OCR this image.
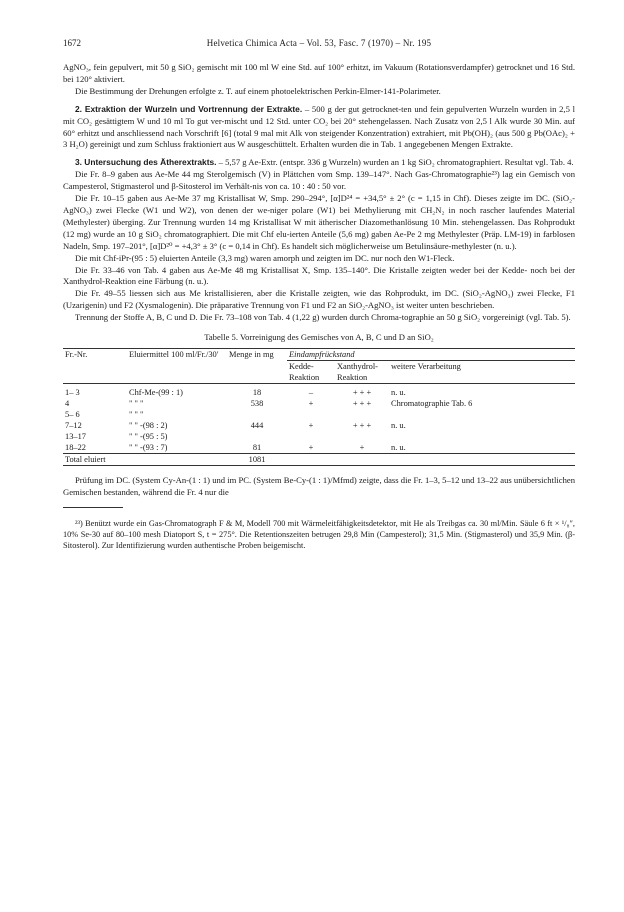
1672	Helvetica Chimica Acta – Vol. 53, Fasc. 7 (1970) – Nr. 195

AgNO₃, fein gepulvert, mit 50 g SiO₂ gemischt mit 100 ml W eine Std. auf 100° erhitzt, im Vakuum (Rotationsverdampfer) getrocknet und 16 Std. bei 120° aktiviert.

Die Bestimmung der Drehungen erfolgte z. T. auf einem photoelektrischen Perkin-Elmer-141-Polarimeter.

2. Extraktion der Wurzeln und Vortrennung der Extrakte. – 500 g der gut getrocknet-ten und fein gepulverten Wurzeln wurden in 2,5 l mit CO₂ gesättigtem W und 10 ml To gut ver-mischt und 12 Std. unter CO₂ bei 20° stehengelassen. Nach Zusatz von 2,5 l Alk wurde 30 Min. auf 60° erhitzt und anschliessend nach Vorschrift [6] (total 9 mal mit Alk von steigender Konzentration) extrahiert, mit Pb(OH)₂ (aus 500 g Pb(OAc)₂ + 3 H₂O) gereinigt und zum Schluss fraktioniert aus W ausgeschüttelt. Erhalten wurden die in Tab. 1 angegebenen Mengen Extrakte.

3. Untersuchung des Ätherextrakts. – 5,57 g Ae-Extr. (entspr. 336 g Wurzeln) wurden an 1 kg SiO₂ chromatographiert. Resultat vgl. Tab. 4.

Die Fr. 8–9 gaben aus Ae-Me 44 mg Sterolgemisch (V) in Plättchen vom Smp. 139–147°. Nach Gas-Chromatographie²³) lag ein Gemisch von Campesterol, Stigmasterol und β-Sitosterol im Verhält-nis von ca. 10 : 40 : 50 vor.

Die Fr. 10–15 gaben aus Ae-Me 37 mg Kristallisat W, Smp. 290–294°, [α]D²⁴ = +34,5° ± 2° (c = 1,15 in Chf). Dieses zeigte im DC. (SiO₂-AgNO₃) zwei Flecke (W1 und W2), von denen der we-niger polare (W1) bei Methylierung mit CH₂N₂ in noch rascher laufendes Material (Methylester) überging. Zur Trennung wurden 14 mg Kristallisat W mit ätherischer Diazomethanlösung 10 Min. stehengelassen. Das Rohprodukt (12 mg) wurde an 10 g SiO₂ chromatographiert. Die mit Chf elu-ierten Anteile (5,6 mg) gaben Ae-Pe 2 mg Methylester (Präp. LM-19) in farblosen Nadeln, Smp. 197–201°, [α]D²⁰ = +4,3° ± 3° (c = 0,14 in Chf). Es handelt sich möglicherweise um Betulinsäure-methylester (n. u.).

Die mit Chf-iPr-(95 : 5) eluierten Anteile (3,3 mg) waren amorph und zeigten im DC. nur noch den W1-Fleck.

Die Fr. 33–46 von Tab. 4 gaben aus Ae-Me 48 mg Kristallisat X, Smp. 135–140°. Die Kristalle zeigten weder bei der Kedde- noch bei der Xanthydrol-Reaktion eine Färbung (n. u.).

Die Fr. 49–55 liessen sich aus Me kristallisieren, aber die Kristalle zeigten, wie das Rohprodukt, im DC. (SiO₂-AgNO₃) zwei Flecke, F1 (Uzarigenin) und F2 (Xysmalogenin). Die präparative Trennung von F1 und F2 an SiO₂-AgNO₃ ist weiter unten beschrieben.

Trennung der Stoffe A, B, C und D. Die Fr. 73–108 von Tab. 4 (1,22 g) wurden durch Chroma-tographie an 50 g SiO₂ vorgereinigt (vgl. Tab. 5).

Tabelle 5. Vorreinigung des Gemisches von A, B, C und D an SiO₂
Fr.-Nr.	Eluiermittel 100 ml/Fr./30′	Menge in mg	Eindampfrückstand		
			Kedde-Reaktion	Xanthydrol-Reaktion	weitere Verarbeitung

1– 3	Chf-Me-(99 : 1)	18	–	+ + +	n. u.
4	" " "	538	+	+ + +	Chromatographie Tab. 6
5– 6	" " "				
7–12	" " -(98 : 2)	444	+	+ + +	n. u.
13–17	" " -(95 : 5)				
18–22	" " -(93 : 7)	81	+	+	n. u.
Total eluiert		1081			

Prüfung im DC. (System Cy-An-(1 : 1) und im PC. (System Be-Cy-(1 : 1)/Mfmd) zeigte, dass die Fr. 1–3, 5–12 und 13–22 aus unübersichtlichen Gemischen bestanden, während die Fr. 4 nur die

²³) Benützt wurde ein Gas-Chromatograph F & M, Modell 700 mit Wärmeleitfähigkeitsdetektor, mit He als Treibgas ca. 30 ml/Min. Säule 6 ft × ¹/₈″, 10% Se-30 auf 80–100 mesh Diatoport S, t = 275°. Die Retentionszeiten betrugen 29,8 Min (Campesterol); 31,5 Min. (Stigmasterol) und 35,9 Min. (β-Sitosterol). Zur Identifizierung wurden authentische Proben beigemischt.
